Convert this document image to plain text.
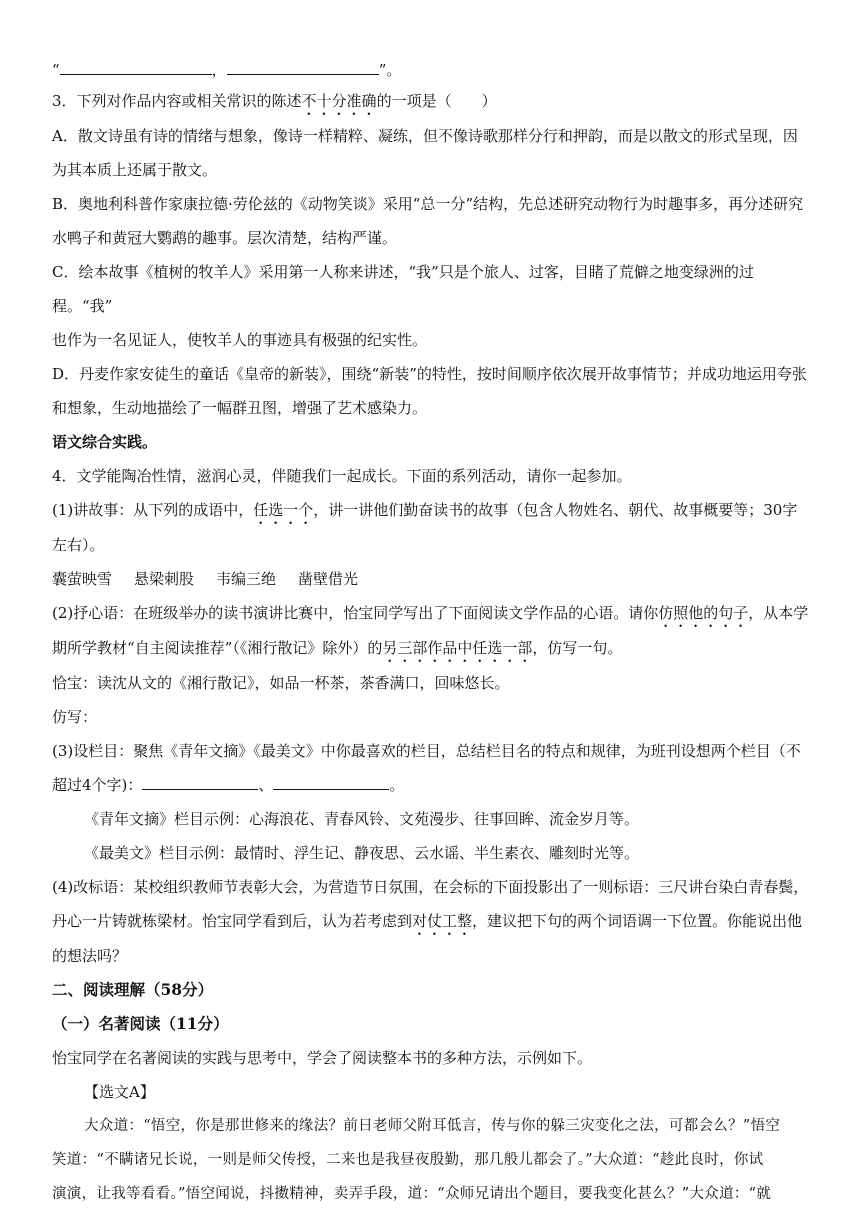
“	，	”。

3．下列对作品内容或相关常识的陈述不十分准确的一项是（　　）

A．散文诗虽有诗的情绪与想象，像诗一样精粹、凝练，但不像诗歌那样分行和押韵，而是以散文的形式呈现，因

为其本质上还属于散文。

B．奥地利科普作家康拉德·劳伦兹的《动物笑谈》采用“总一分”结构，先总述研究动物行为时趣事多，再分述研究

水鸭子和黄冠大鹦鹉的趣事。层次清楚，结构严谨。

C．绘本故事《植树的牧羊人》采用第一人称来讲述，“我”只是个旅人、过客，目睹了荒僻之地变绿洲的过程。“我”

也作为一名见证人，使牧羊人的事迹具有极强的纪实性。

D．丹麦作家安徒生的童话《皇帝的新装》，围绕“新装”的特性，按时间顺序依次展开故事情节；并成功地运用夸张

和想象，生动地描绘了一幅群丑图，增强了艺术感染力。

语文综合实践。

4．文学能陶冶性情，滋润心灵，伴随我们一起成长。下面的系列活动，请你一起参加。

(1)讲故事：从下列的成语中，任选一个，讲一讲他们勤奋读书的故事（包含人物姓名、朝代、故事概要等；30字

左右）。

囊萤映雪 悬梁刺股 韦编三绝 凿壁借光

(2)抒心语：在班级举办的读书演讲比赛中，怡宝同学写出了下面阅读文学作品的心语。请你仿照他的句子，从本学

期所学教材“自主阅读推荐”（《湘行散记》除外）的另三部作品中任选一部，仿写一句。

恰宝：读沈从文的《湘行散记》，如品一杯茶，茶香满口，回味悠长。

仿写：

(3)设栏目：聚焦《青年文摘》《最美文》中你最喜欢的栏目，总结栏目名的特点和规律，为班刊设想两个栏目（不

超过4个字)：	、	。

《青年文摘》栏目示例：心海浪花、青春风铃、文苑漫步、往事回眸、流金岁月等。

《最美文》栏目示例：最情时、浮生记、静夜思、云水谣、半生素衣、雕刻时光等。

(4)改标语：某校组织教师节表彰大会，为营造节日氛围，在会标的下面投影出了一则标语：三尺讲台染白青春鬓，

丹心一片铸就栋梁材。怡宝同学看到后，认为若考虑到对仗工整，建议把下句的两个词语调一下位置。你能说出他

的想法吗？

二、阅读理解（58分）

（一）名著阅读（11分）

怡宝同学在名著阅读的实践与思考中，学会了阅读整本书的多种方法，示例如下。

【选文A】

大众道：“悟空，你是那世修来的缘法？前日老师父附耳低言，传与你的躲三灾变化之法，可都会么？”悟空

笑道：“不瞒诸兄长说，一则是师父传授，二来也是我昼夜殷勤，那几般儿都会了。”大众道：“趁此良时，你试

演演，让我等看看。”悟空闻说，抖擞精神，卖弄手段，道：“众师兄请出个题目，要我变化甚么？”大众道：“就
